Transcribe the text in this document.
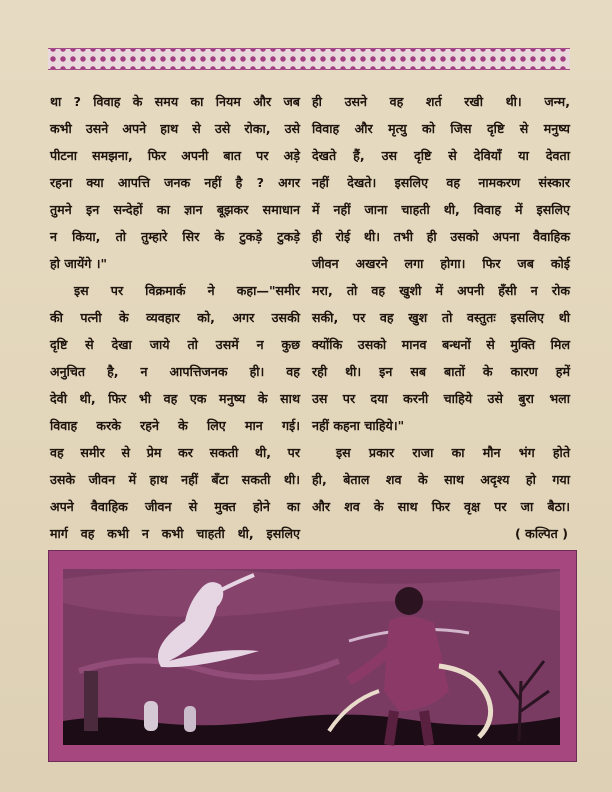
था ? विवाह के समय का नियम और जब
कभी उसने अपने हाथ से उसे रोका, उसे
पीटना समझना, फिर अपनी बात पर अड़े
रहना क्या आपत्ति जनक नहीं है ? अगर
तुमने इन सन्देहों का ज्ञान बूझकर समाधान
न किया, तो तुम्हारे सिर के टुकड़े टुकड़े
हो जायेंगे ।"

इस पर विक्रमार्क ने कहा—"समीर
की पत्नी के व्यवहार को, अगर उसकी
दृष्टि से देखा जाये तो उसमें न कुछ
अनुचित है, न आपत्तिजनक ही। वह
देवी थी, फिर भी वह एक मनुष्य के साथ
विवाह करके रहने के लिए मान गई।
वह समीर से प्रेम कर सकती थी, पर
उसके जीवन में हाथ नहीं बँटा सकती थी।
अपने वैवाहिक जीवन से मुक्त होने का
मार्ग वह कभी न कभी चाहती थी, इसलिए

ही उसने वह शर्त रखी थी। जन्म,
विवाह और मृत्यु को जिस दृष्टि से मनुष्य
देखते हैं, उस दृष्टि से देवियाँ या देवता
नहीं देखते। इसलिए वह नामकरण संस्कार
में नहीं जाना चाहती थी, विवाह में इसलिए
ही रोई थी। तभी ही उसको अपना वैवाहिक
जीवन अखरने लगा होगा। फिर जब कोई
मरा, तो वह खुशी में अपनी हँसी न रोक
सकी, पर वह खुश तो वस्तुतः इसलिए थी
क्योंकि उसको मानव बन्धनों से मुक्ति मिल
रही थी। इन सब बातों के कारण हमें
उस पर दया करनी चाहिये उसे बुरा भला
नहीं कहना चाहिये।"

इस प्रकार राजा का मौन भंग होते
ही, बेताल शव के साथ अदृश्य हो गया
और शव के साथ फिर वृक्ष पर जा बैठा।

( कल्पित )
